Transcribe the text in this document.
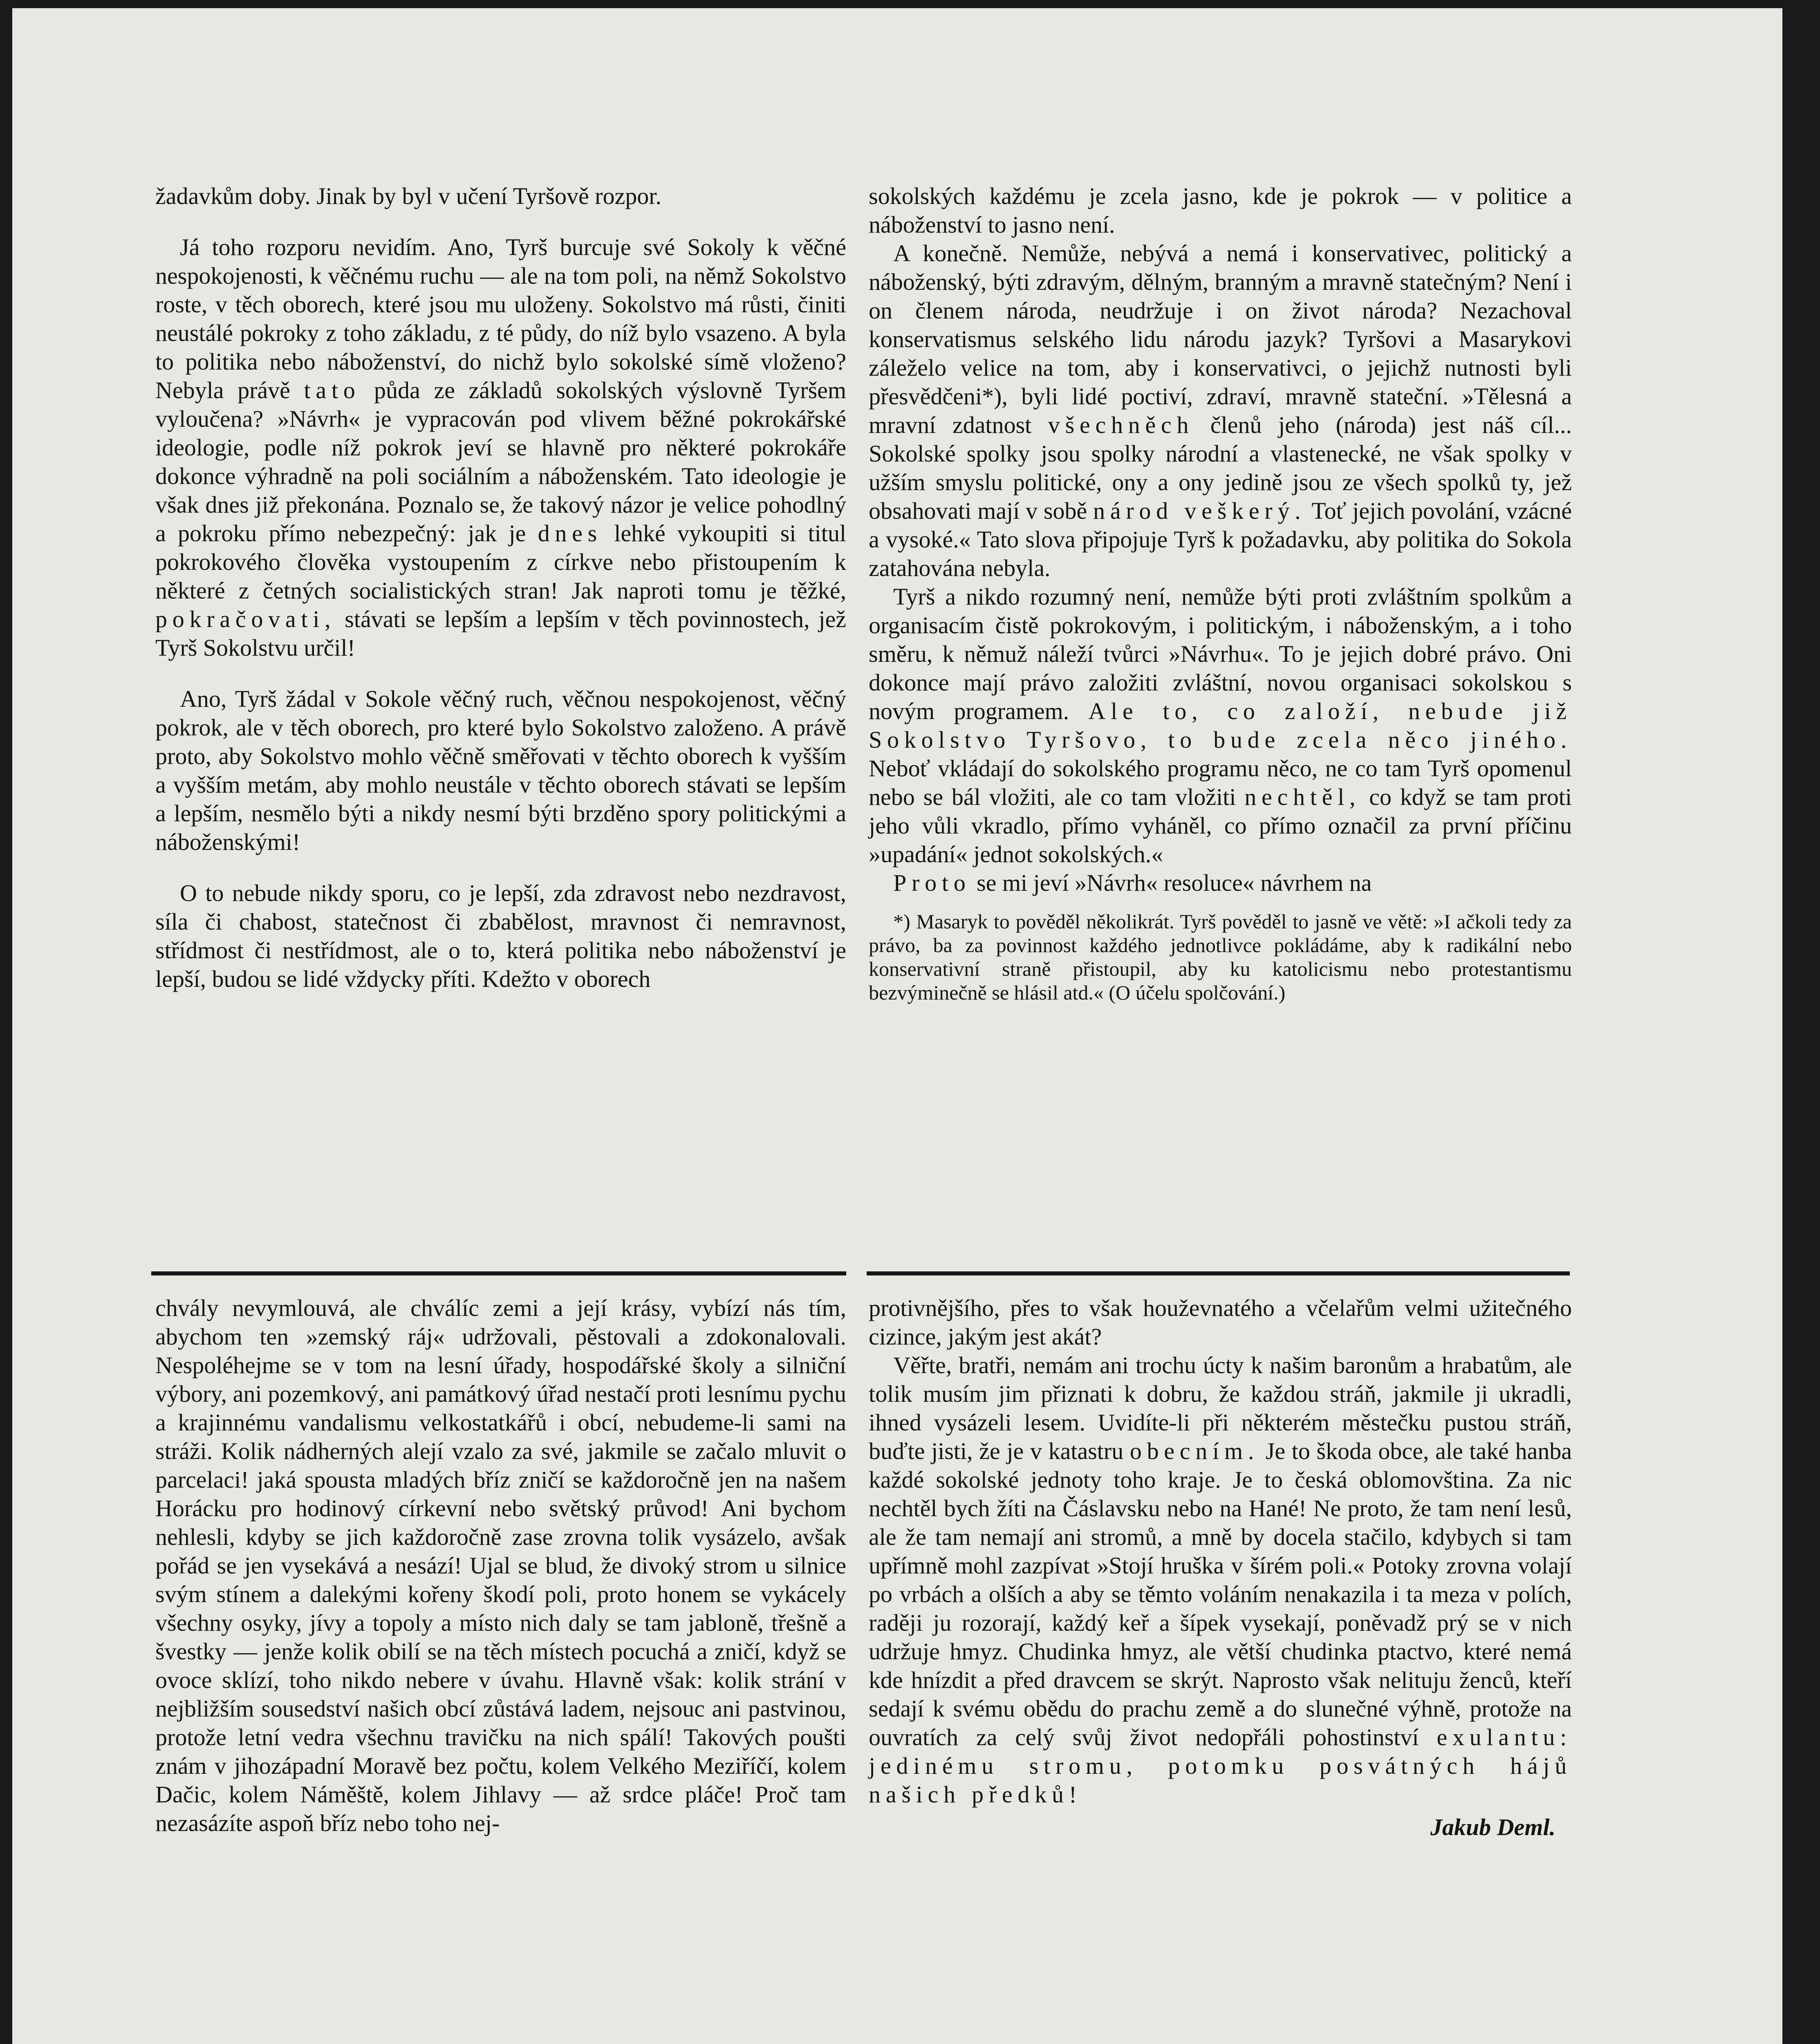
žadavkům doby. Jinak by byl v učení Tyršově rozpor.

Já toho rozporu nevidím. Ano, Tyrš burcuje své Sokoly k věčné nespokojenosti, k věčnému ruchu — ale na tom poli, na němž Sokolstvo roste, v těch oborech, které jsou mu uloženy. Sokolstvo má růsti, činiti neustálé pokroky z toho základu, z té půdy, do níž bylo vsazeno. A byla to politika nebo náboženství, do nichž bylo sokolské símě vloženo? Nebyla právě tato půda ze základů sokolských výslovně Tyršem vyloučena? »Návrh« je vypracován pod vlivem běžné pokrokářské ideologie, podle níž pokrok jeví se hlavně pro některé pokrokáře dokonce výhradně na poli sociálním a náboženském. Tato ideologie je však dnes již překonána. Poznalo se, že takový názor je velice pohodlný a pokroku přímo nebezpečný: jak je dnes lehké vykoupiti si titul pokrokového člověka vystoupením z církve nebo přistoupením k některé z četných socialistických stran! Jak naproti tomu je těžké, pokračovati, stávati se lepším a lepším v těch povinnostech, jež Tyrš Sokolstvu určil!

Ano, Tyrš žádal v Sokole věčný ruch, věčnou nespokojenost, věčný pokrok, ale v těch oborech, pro které bylo Sokolstvo založeno. A právě proto, aby Sokolstvo mohlo věčně směřovati v těchto oborech k vyšším a vyšším metám, aby mohlo neustále v těchto oborech stávati se lepším a lepším, nesmělo býti a nikdy nesmí býti brzděno spory politickými a náboženskými!

O to nebude nikdy sporu, co je lepší, zda zdravost nebo nezdravost, síla či chabost, statečnost či zbabělost, mravnost či nemravnost, střídmost či nestřídmost, ale o to, která politika nebo náboženství je lepší, budou se lidé vždycky příti. Kdežto v oborech

sokolských každému je zcela jasno, kde je pokrok — v politice a náboženství to jasno není.

A konečně. Nemůže, nebývá a nemá i konservativec, politický a náboženský, býti zdravým, dělným, branným a mravně statečným? Není i on členem národa, neudržuje i on život národa? Nezachoval konservatismus selského lidu národu jazyk? Tyršovi a Masarykovi záleželo velice na tom, aby i konservativci, o jejichž nutnosti byli přesvědčeni*), byli lidé poctiví, zdraví, mravně stateční. »Tělesná a mravní zdatnost všechněch členů jeho (národa) jest náš cíl... Sokolské spolky jsou spolky národní a vlastenecké, ne však spolky v užším smyslu politické, ony a ony jedině jsou ze všech spolků ty, jež obsahovati mají v sobě národ veškerý. Toť jejich povolání, vzácné a vysoké.« Tato slova připojuje Tyrš k požadavku, aby politika do Sokola zatahována nebyla.

Tyrš a nikdo rozumný není, nemůže býti proti zvláštním spolkům a organisacím čistě pokrokovým, i politickým, i náboženským, a i toho směru, k němuž náleží tvůrci »Návrhu«. To je jejich dobré právo. Oni dokonce mají právo založiti zvláštní, novou organisaci sokolskou s novým programem. Ale to, co založí, nebude již Sokolstvo Tyršovo, to bude zcela něco jiného. Neboť vkládají do sokolského programu něco, ne co tam Tyrš opomenul nebo se bál vložiti, ale co tam vložiti nechtěl, co když se tam proti jeho vůli vkradlo, přímo vyháněl, co přímo označil za první příčinu »upadání« jednot sokolských.«

Proto se mi jeví »Návrh« resoluce« návrhem na

*) Masaryk to pověděl několikrát. Tyrš pověděl to jasně ve větě: »I ačkoli tedy za právo, ba za povinnost každého jednotlivce pokládáme, aby k radikální nebo konservativní straně přistoupil, aby ku katolicismu nebo protestantismu bezvýminečně se hlásil atd.« (O účelu spolčování.)

chvály nevymlouvá, ale chválíc zemi a její krásy, vybízí nás tím, abychom ten »zemský ráj« udržovali, pěstovali a zdokonalovali. Nespoléhejme se v tom na lesní úřady, hospodářské školy a silniční výbory, ani pozemkový, ani památkový úřad nestačí proti lesnímu pychu a krajinnému vandalismu velkostatkářů i obcí, nebudeme-li sami na stráži. Kolik nádherných alejí vzalo za své, jakmile se začalo mluvit o parcelaci! jaká spousta mladých bříz zničí se každoročně jen na našem Horácku pro hodinový církevní nebo světský průvod! Ani bychom nehlesli, kdyby se jich každoročně zase zrovna tolik vysázelo, avšak pořád se jen vysekává a nesází! Ujal se blud, že divoký strom u silnice svým stínem a dalekými kořeny škodí poli, proto honem se vykácely všechny osyky, jívy a topoly a místo nich daly se tam jabloně, třešně a švestky — jenže kolik obilí se na těch místech pocuchá a zničí, když se ovoce sklízí, toho nikdo nebere v úvahu. Hlavně však: kolik strání v nejbližším sousedství našich obcí zůstává ladem, nejsouc ani pastvinou, protože letní vedra všechnu travičku na nich spálí! Takových poušti znám v jihozápadní Moravě bez počtu, kolem Velkého Meziříčí, kolem Dačic, kolem Náměště, kolem Jihlavy — až srdce pláče! Proč tam nezasázíte aspoň bříz nebo toho nej-

protivnějšího, přes to však houževnatého a včelařům velmi užitečného cizince, jakým jest akát?

Věřte, bratři, nemám ani trochu úcty k našim baronům a hrabatům, ale tolik musím jim přiznati k dobru, že každou stráň, jakmile ji ukradli, ihned vysázeli lesem. Uvidíte-li při některém městečku pustou stráň, buďte jisti, že je v katastru obecním. Je to škoda obce, ale také hanba každé sokolské jednoty toho kraje. Je to česká oblomovština. Za nic nechtěl bych žíti na Čáslavsku nebo na Hané! Ne proto, že tam není lesů, ale že tam nemají ani stromů, a mně by docela stačilo, kdybych si tam upřímně mohl zazpívat »Stojí hruška v šírém poli.« Potoky zrovna volají po vrbách a olších a aby se těmto voláním nenakazila i ta meza v polích, raději ju rozorají, každý keř a šípek vysekají, poněvadž prý se v nich udržuje hmyz. Chudinka hmyz, ale větší chudinka ptactvo, které nemá kde hnízdit a před dravcem se skrýt. Naprosto však nelituju ženců, kteří sedají k svému obědu do prachu země a do slunečné výhně, protože na ouvratích za celý svůj život nedopřáli pohostinství exulantu: jedinému stromu, potomku posvátných hájů našich předků!

Jakub Deml.
